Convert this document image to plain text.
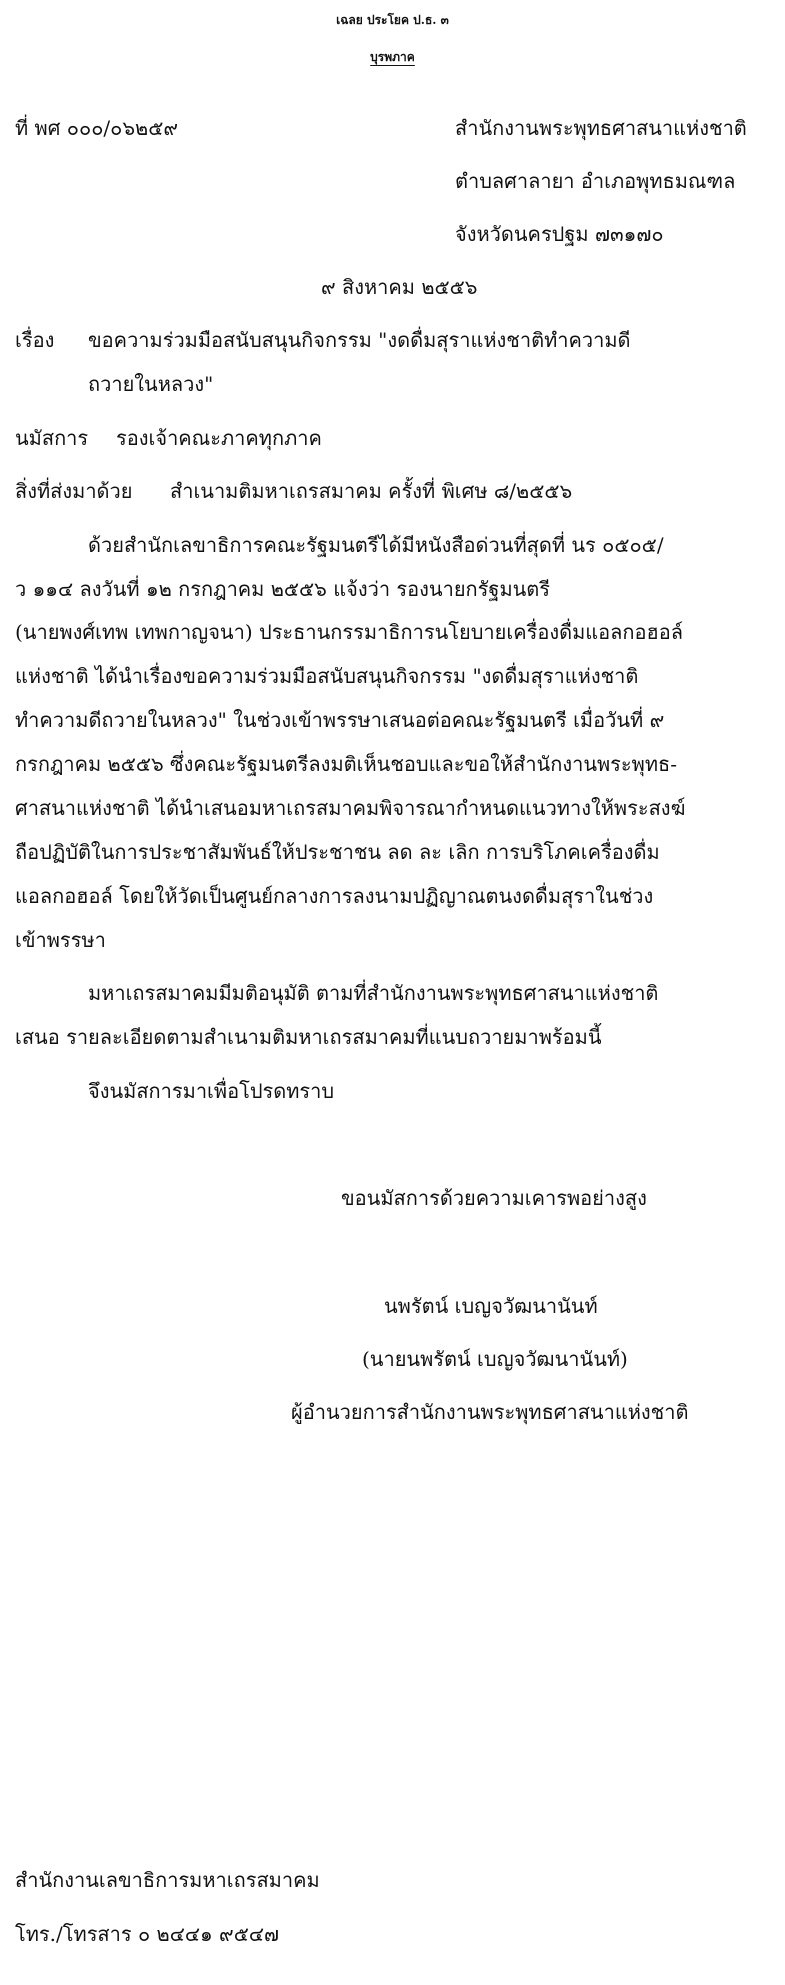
เฉลย ประโยค ป.ธ. ๓
บุรพภาค
ที่ พศ ๐๐๐/๐๖๒๕๙	สำนักงานพระพุทธศาสนาแห่งชาติ
ตำบลศาลายา อำเภอพุทธมณฑล
จังหวัดนครปฐม ๗๓๑๗๐
๙ สิงหาคม ๒๕๕๖
เรื่อง ขอความร่วมมือสนับสนุนกิจกรรม "งดดื่มสุราแห่งชาติทำความดี
ถวายในหลวง"
นมัสการ รองเจ้าคณะภาคทุกภาค
สิ่งที่ส่งมาด้วย สำเนามติมหาเถรสมาคม ครั้งที่ พิเศษ ๘/๒๕๕๖
ด้วยสำนักเลขาธิการคณะรัฐมนตรีได้มีหนังสือด่วนที่สุดที่ นร ๐๕๐๕/
ว ๑๑๔ ลงวันที่ ๑๒ กรกฎาคม ๒๕๕๖ แจ้งว่า รองนายกรัฐมนตรี
(นายพงศ์เทพ เทพกาญจนา) ประธานกรรมาธิการนโยบายเครื่องดื่มแอลกอฮอล์
แห่งชาติ ได้นำเรื่องขอความร่วมมือสนับสนุนกิจกรรม "งดดื่มสุราแห่งชาติ
ทำความดีถวายในหลวง" ในช่วงเข้าพรรษาเสนอต่อคณะรัฐมนตรี เมื่อวันที่ ๙
กรกฎาคม ๒๕๕๖ ซึ่งคณะรัฐมนตรีลงมติเห็นชอบและขอให้สำนักงานพระพุทธ-
ศาสนาแห่งชาติ ได้นำเสนอมหาเถรสมาคมพิจารณากำหนดแนวทางให้พระสงฆ์
ถือปฏิบัติในการประชาสัมพันธ์ให้ประชาชน ลด ละ เลิก การบริโภคเครื่องดื่ม
แอลกอฮอล์ โดยให้วัดเป็นศูนย์กลางการลงนามปฏิญาณตนงดดื่มสุราในช่วง
เข้าพรรษา
มหาเถรสมาคมมีมติอนุมัติ ตามที่สำนักงานพระพุทธศาสนาแห่งชาติ
เสนอ รายละเอียดตามสำเนามติมหาเถรสมาคมที่แนบถวายมาพร้อมนี้
จึงนมัสการมาเพื่อโปรดทราบ
ขอนมัสการด้วยความเคารพอย่างสูง
นพรัตน์ เบญจวัฒนานันท์
(นายนพรัตน์ เบญจวัฒนานันท์)
ผู้อำนวยการสำนักงานพระพุทธศาสนาแห่งชาติ
สำนักงานเลขาธิการมหาเถรสมาคม
โทร./โทรสาร ๐ ๒๔๔๑ ๙๕๔๗
